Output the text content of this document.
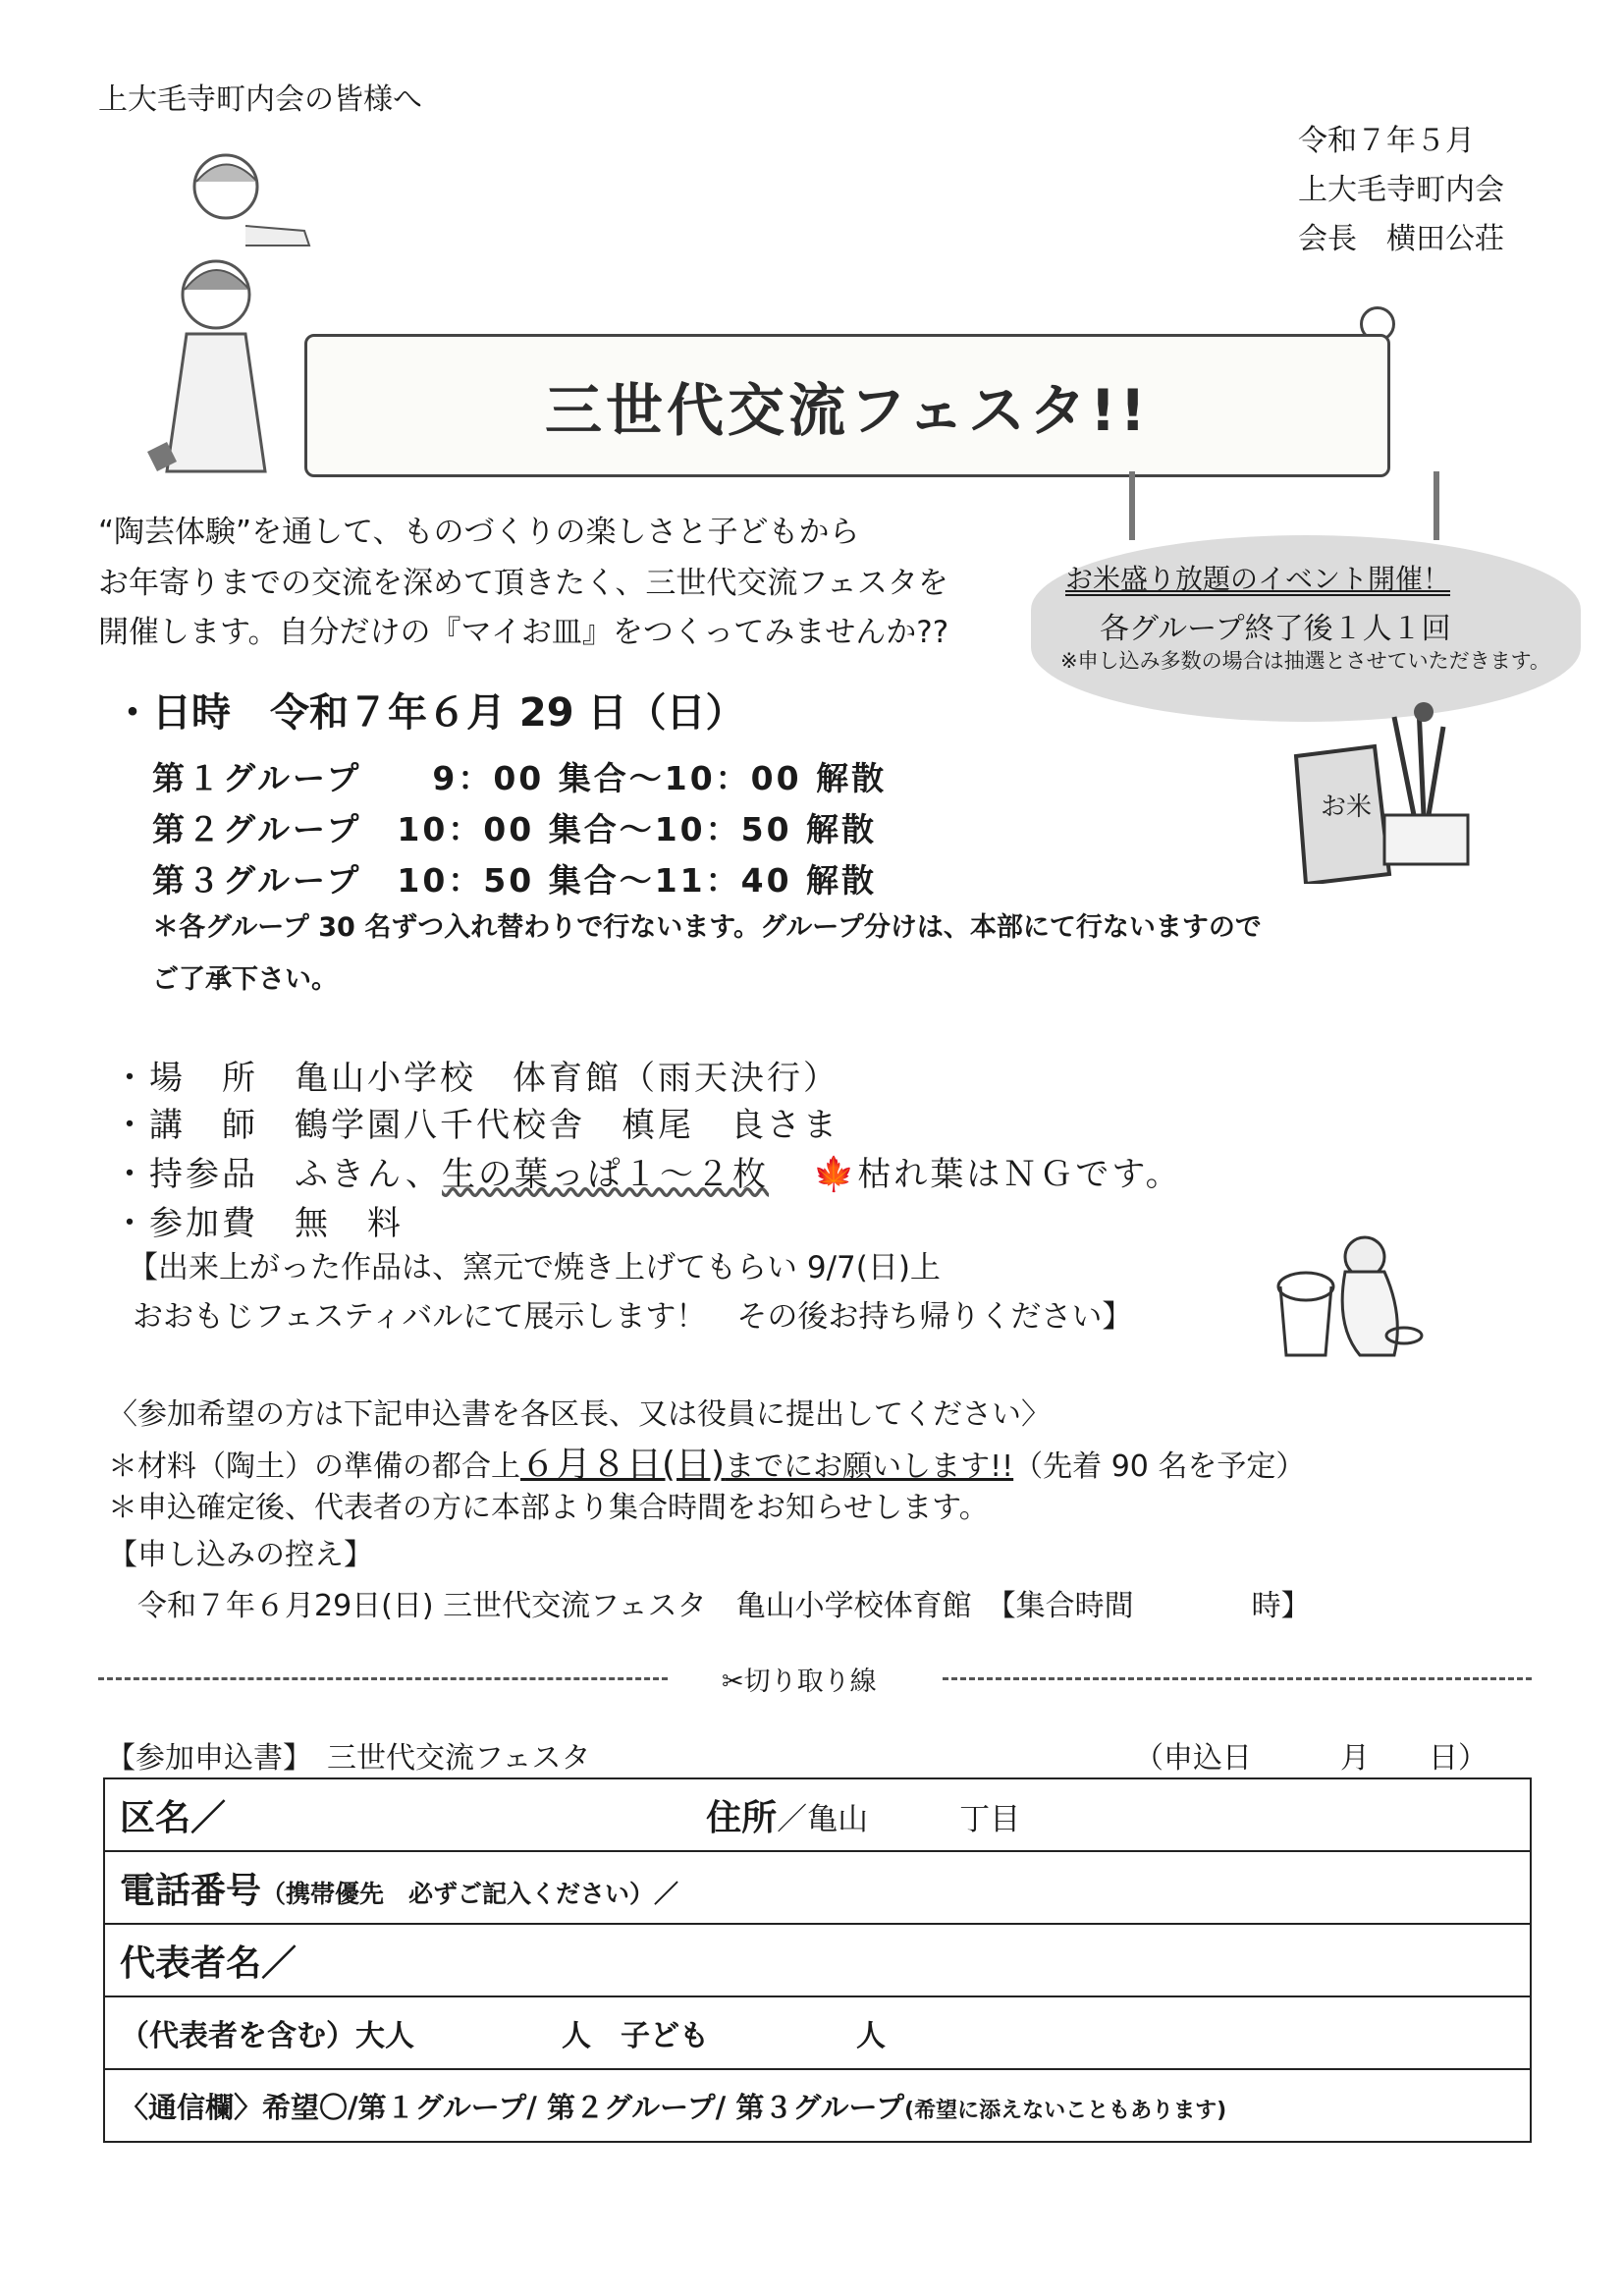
上大毛寺町内会の皆様へ
令和７年５月
上大毛寺町内会
会長　横田公荘
三世代交流フェスタ!!
“陶芸体験”を通して、ものづくりの楽しさと子どもから
お年寄りまでの交流を深めて頂きたく、三世代交流フェスタを
開催します。自分だけの『マイお皿』をつくってみませんか??
お米盛り放題のイベント開催！
各グループ終了後１人１回
※申し込み多数の場合は抽選とさせていただきます。
お米
・日時　令和７年６月 29 日（日）
第１グループ　　9：00 集合～10：00 解散
第２グループ　10：00 集合～10：50 解散
第３グループ　10：50 集合～11：40 解散
＊各グループ 30 名ずつ入れ替わりで行ないます。グループ分けは、本部にて行ないますので
ご了承下さい。
・場　所　亀山小学校　体育館（雨天決行）
・講　師　鶴学園八千代校舎　槙尾　良さま
・持参品　ふきん、生の葉っぱ１～２枚 🍁枯れ葉はＮＧです。
・参加費　無　料
【出来上がった作品は、窯元で焼き上げてもらい 9/7(日)上
おおもじフェスティバルにて展示します！　その後お持ち帰りください】
〈参加希望の方は下記申込書を各区長、又は役員に提出してください〉
＊材料（陶土）の準備の都合上６月８日(日)までにお願いします!!（先着 90 名を予定）
＊申込確定後、代表者の方に本部より集合時間をお知らせします。
【申し込みの控え】
令和７年６月29日(日) 三世代交流フェスタ　亀山小学校体育館　【集合時間　　　　時】
✂切り取り線
【参加申込書】　三世代交流フェスタ	（申込日　　　月　　日）
区名／	住所／亀山　　　丁目
電話番号（携帯優先　必ずご記入ください）／
代表者名／
（代表者を含む）大人　　　　　人　子ども　　　　　人
〈通信欄〉希望〇/第１グループ/ 第２グループ/ 第３グループ(希望に添えないこともあります)
